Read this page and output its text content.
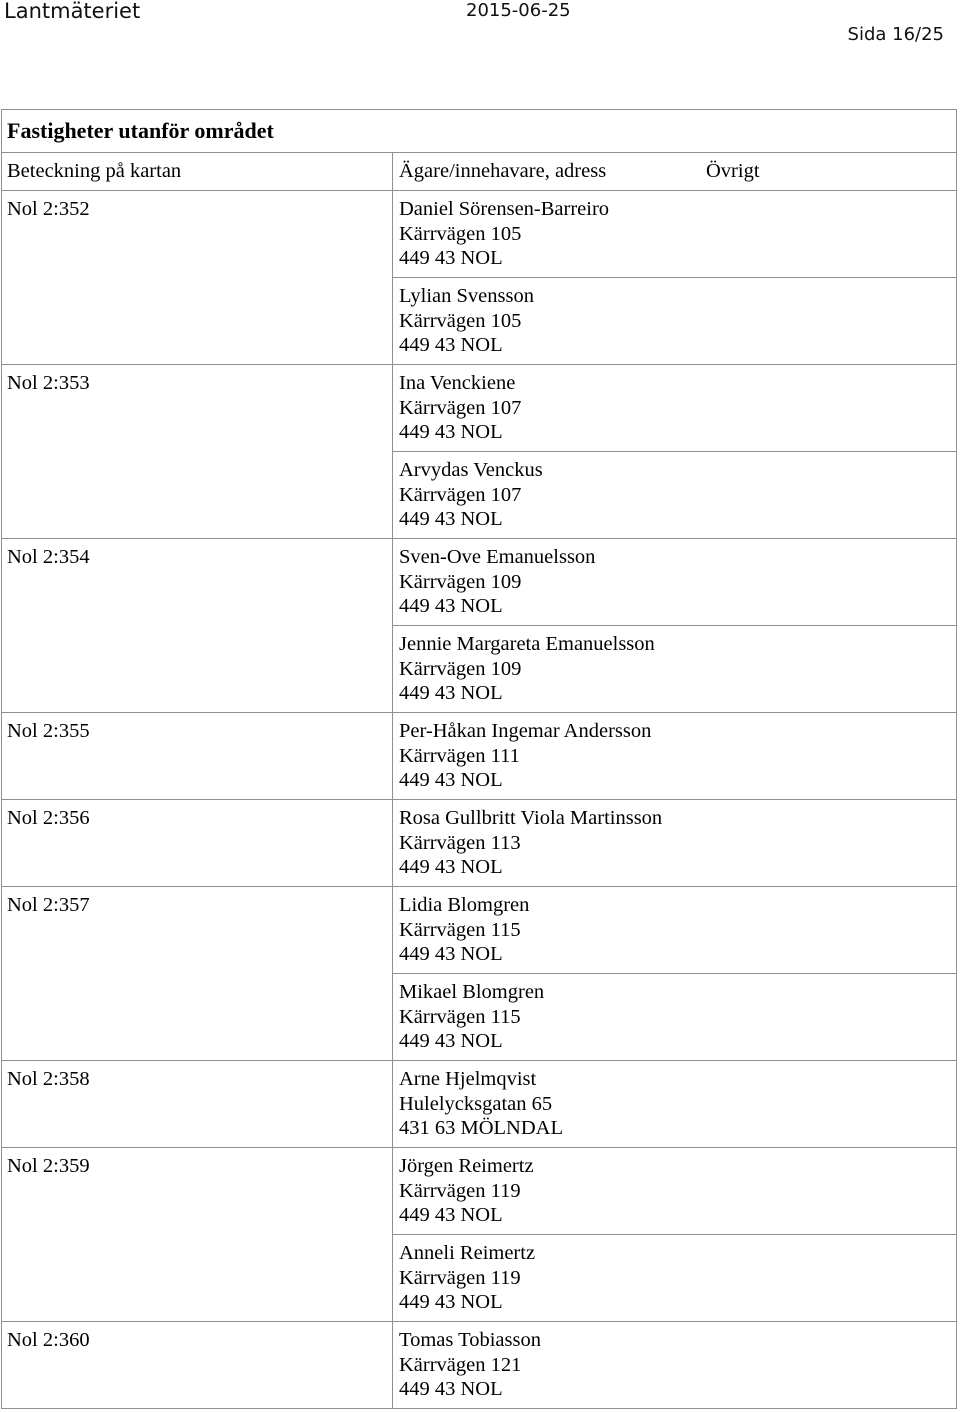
Lantmäteriet	2015-06-25
Sida 16/25
Fastigheter utanför området
Beteckning på kartan	Ägare/innehavare, adress	Övrigt
Nol 2:352	Daniel Sörensen-Barreiro
Kärrvägen 105
449 43 NOL
Lylian Svensson
Kärrvägen 105
449 43 NOL
Nol 2:353	Ina Venckiene
Kärrvägen 107
449 43 NOL
Arvydas Venckus
Kärrvägen 107
449 43 NOL
Nol 2:354	Sven-Ove Emanuelsson
Kärrvägen 109
449 43 NOL
Jennie Margareta Emanuelsson
Kärrvägen 109
449 43 NOL
Nol 2:355	Per-Håkan Ingemar Andersson
Kärrvägen 111
449 43 NOL
Nol 2:356	Rosa Gullbritt Viola Martinsson
Kärrvägen 113
449 43 NOL
Nol 2:357	Lidia Blomgren
Kärrvägen 115
449 43 NOL
Mikael Blomgren
Kärrvägen 115
449 43 NOL
Nol 2:358	Arne Hjelmqvist
Hulelycksgatan 65
431 63 MÖLNDAL
Nol 2:359	Jörgen Reimertz
Kärrvägen 119
449 43 NOL
Anneli Reimertz
Kärrvägen 119
449 43 NOL
Nol 2:360	Tomas Tobiasson
Kärrvägen 121
449 43 NOL
